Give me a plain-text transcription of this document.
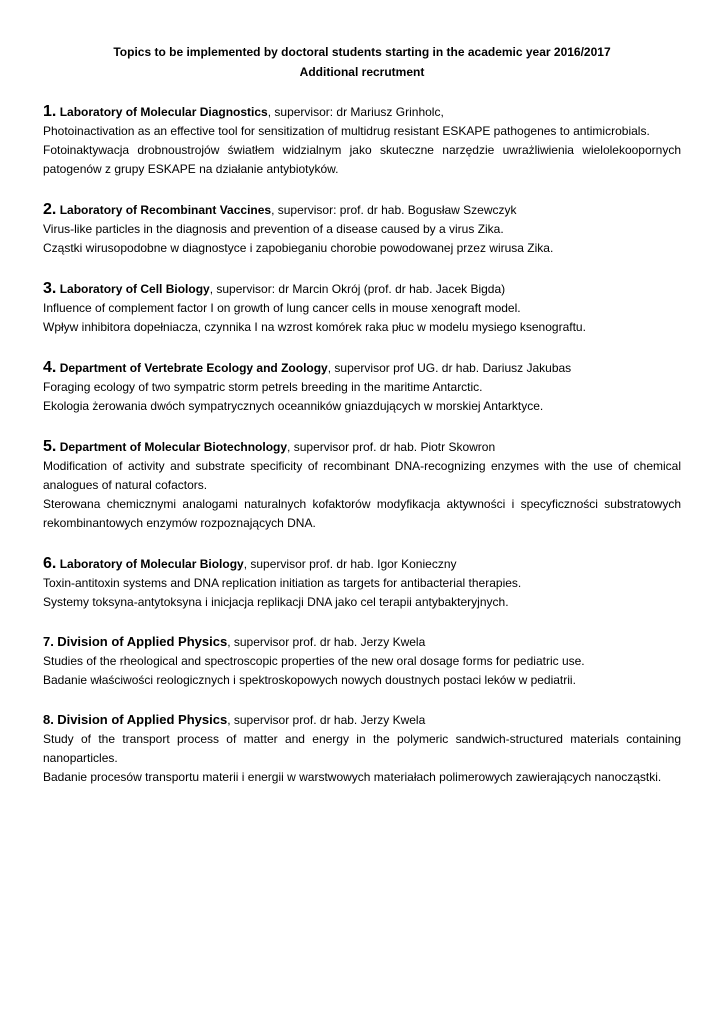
Topics to be implemented by doctoral students starting in the academic year 2016/2017
Additional recrutment

1. Laboratory of Molecular Diagnostics, supervisor: dr Mariusz Grinholc,

Photoinactivation as an effective tool for sensitization of multidrug resistant ESKAPE pathogenes to antimicrobials.

Fotoinaktywacja drobnoustrojów światłem widzialnym jako skuteczne narzędzie uwrażliwienia wielolekoopornych patogenów z grupy ESKAPE na działanie antybiotyków.

2. Laboratory of Recombinant Vaccines, supervisor: prof. dr hab. Bogusław Szewczyk

Virus-like particles in the diagnosis and prevention of a disease caused by a virus Zika.

Cząstki wirusopodobne w diagnostyce i zapobieganiu chorobie powodowanej przez wirusa Zika.

3. Laboratory of Cell Biology, supervisor: dr Marcin Okrój (prof. dr hab. Jacek Bigda)

Influence of complement factor I on growth of lung cancer cells in mouse xenograft model.

Wpływ inhibitora dopełniacza, czynnika I na wzrost komórek raka płuc w modelu mysiego ksenograftu.

4. Department of Vertebrate Ecology and Zoology, supervisor prof UG. dr hab. Dariusz Jakubas

Foraging ecology of two sympatric storm petrels breeding in the maritime Antarctic.

Ekologia żerowania dwóch sympatrycznych oceanników gniazdujących w morskiej Antarktyce.

5. Department of Molecular Biotechnology, supervisor prof. dr hab. Piotr Skowron

Modification of activity and substrate specificity of recombinant DNA-recognizing enzymes with the use of chemical analogues of natural cofactors.

Sterowana chemicznymi analogami naturalnych kofaktorów modyfikacja aktywności i specyficzności substratowych rekombinantowych enzymów rozpoznających DNA.

6. Laboratory of Molecular Biology, supervisor prof. dr hab. Igor Konieczny

Toxin-antitoxin systems and DNA replication initiation as targets for antibacterial therapies.

Systemy toksyna-antytoksyna i inicjacja replikacji DNA jako cel terapii antybakteryjnych.

7. Division of Applied Physics, supervisor prof. dr hab. Jerzy Kwela

Studies of the rheological and spectroscopic properties of the new oral dosage forms for pediatric use.

Badanie właściwości reologicznych i spektroskopowych nowych doustnych postaci leków w pediatrii.

8. Division of Applied Physics, supervisor prof. dr hab. Jerzy Kwela

Study of the transport process of matter and energy in the polymeric sandwich-structured materials containing nanoparticles.

Badanie procesów transportu materii i energii w warstwowych materiałach polimerowych zawierających nanocząstki.
